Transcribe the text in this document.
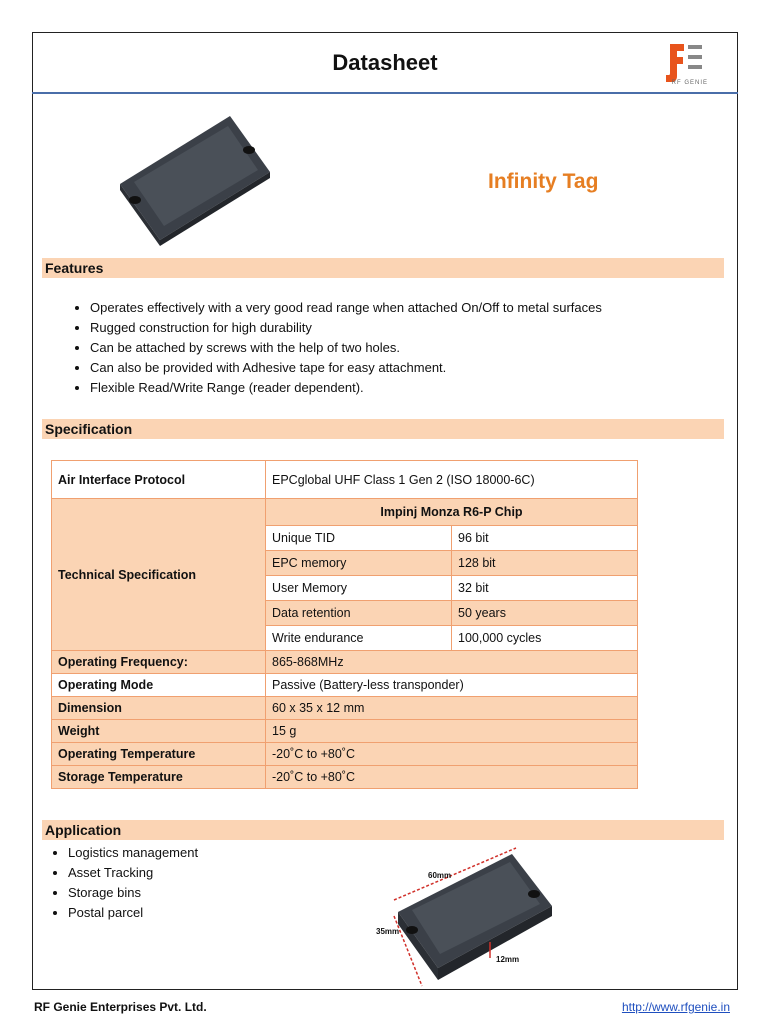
Datasheet
RF GENIE
Infinity Tag
Features
• Operates effectively with a very good read range when attached On/Off to metal surfaces
• Rugged construction for high durability
• Can be attached by screws with the help of two holes.
• Can also be provided with Adhesive tape for easy attachment.
• Flexible Read/Write Range (reader dependent).
Specification
Air Interface Protocol	EPCglobal UHF Class 1 Gen 2 (ISO 18000-6C)	
Technical Specification	Impinj Monza R6-P Chip	
	Unique TID	96 bit
	EPC memory	128 bit
	User Memory	32 bit
	Data retention	50 years
	Write endurance	100,000 cycles
Operating Frequency:	865-868MHz	
Operating Mode	Passive (Battery-less transponder)	
Dimension	60 x 35 x 12 mm	
Weight	15 g	
Operating Temperature	-20˚C to +80˚C	
Storage Temperature	-20˚C to +80˚C	
Application
• Logistics management
• Asset Tracking
• Storage bins
• Postal parcel
60mm
35mm
12mm
RF Genie Enterprises Pvt. Ltd.	http://www.rfgenie.in
